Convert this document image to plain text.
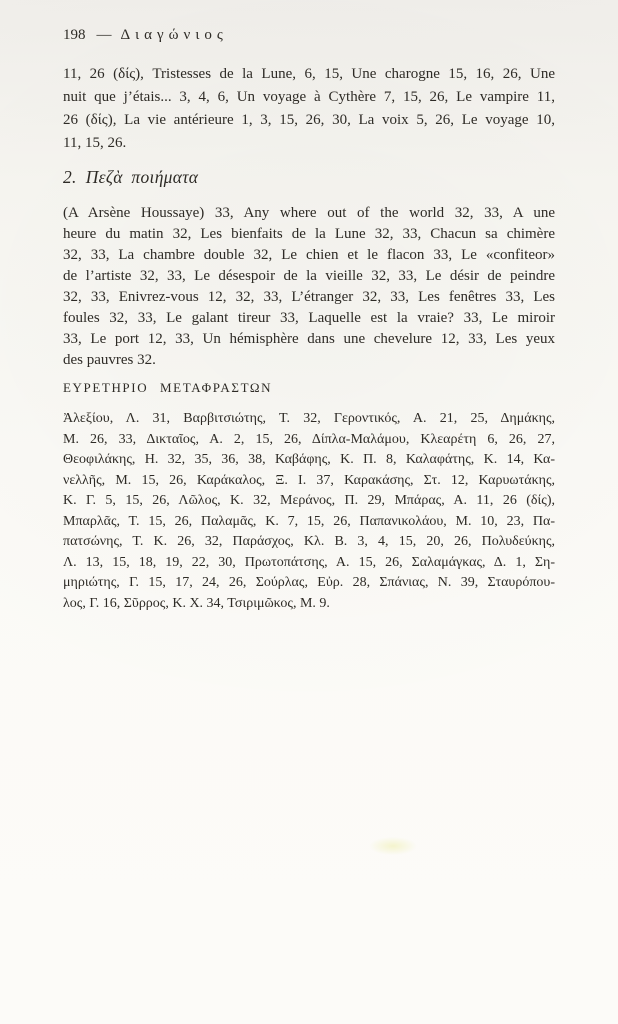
198 — Διαγώνιος
11, 26 (δίς), Tristesses de la Lune, 6, 15, Une charogne 15, 16, 26, Une
nuit que j’étais... 3, 4, 6, Un voyage à Cythère 7, 15, 26, Le vampire 11,
26 (δίς), La vie antérieure 1, 3, 15, 26, 30, La voix 5, 26, Le voyage 10,
11, 15, 26.
2. Πεζὰ ποιήματα
(A Arsène Houssaye) 33, Any where out of the world 32, 33, A une
heure du matin 32, Les bienfaits de la Lune 32, 33, Chacun sa chimère
32, 33, La chambre double 32, Le chien et le flacon 33, Le «confiteor»
de l’artiste 32, 33, Le désespoir de la vieille 32, 33, Le désir de peindre
32, 33, Enivrez-vous 12, 32, 33, L’étranger 32, 33, Les fenêtres 33, Les
foules 32, 33, Le galant tireur 33, Laquelle est la vraie? 33, Le miroir
33, Le port 12, 33, Un hémisphère dans une chevelure 12, 33, Les yeux
des pauvres 32.
ΕΥΡΕΤΗΡΙΟ ΜΕΤΑΦΡΑΣΤΩΝ
Ἀλεξίου, Λ. 31, Βαρβιτσιώτης, Τ. 32, Γεροντικός, Α. 21, 25, Δημάκης,
Μ. 26, 33, Δικταῖος, Α. 2, 15, 26, Δίπλα-Μαλάμου, Κλεαρέτη 6, 26, 27,
Θεοφιλάκης, Η. 32, 35, 36, 38, Καβάφης, Κ. Π. 8, Καλαφάτης, Κ. 14, Κα-
νελλῆς, Μ. 15, 26, Καράκαλος, Ξ. Ι. 37, Καρακάσης, Στ. 12, Καρυωτάκης,
Κ. Γ. 5, 15, 26, Λῶλος, Κ. 32, Μεράνος, Π. 29, Μπάρας, Α. 11, 26 (δίς),
Μπαρλᾶς, Τ. 15, 26, Παλαμᾶς, Κ. 7, 15, 26, Παπανικολάου, Μ. 10, 23, Πα-
πατσώνης, Τ. Κ. 26, 32, Παράσχος, Κλ. Β. 3, 4, 15, 20, 26, Πολυδεύκης,
Λ. 13, 15, 18, 19, 22, 30, Πρωτοπάτσης, Α. 15, 26, Σαλαμάγκας, Δ. 1, Ση-
μηριώτης, Γ. 15, 17, 24, 26, Σούρλας, Εὐρ. 28, Σπάνιας, Ν. 39, Σταυρόπου-
λος, Γ. 16, Σῦρρος, Κ. Χ. 34, Τσιριμῶκος, Μ. 9.
